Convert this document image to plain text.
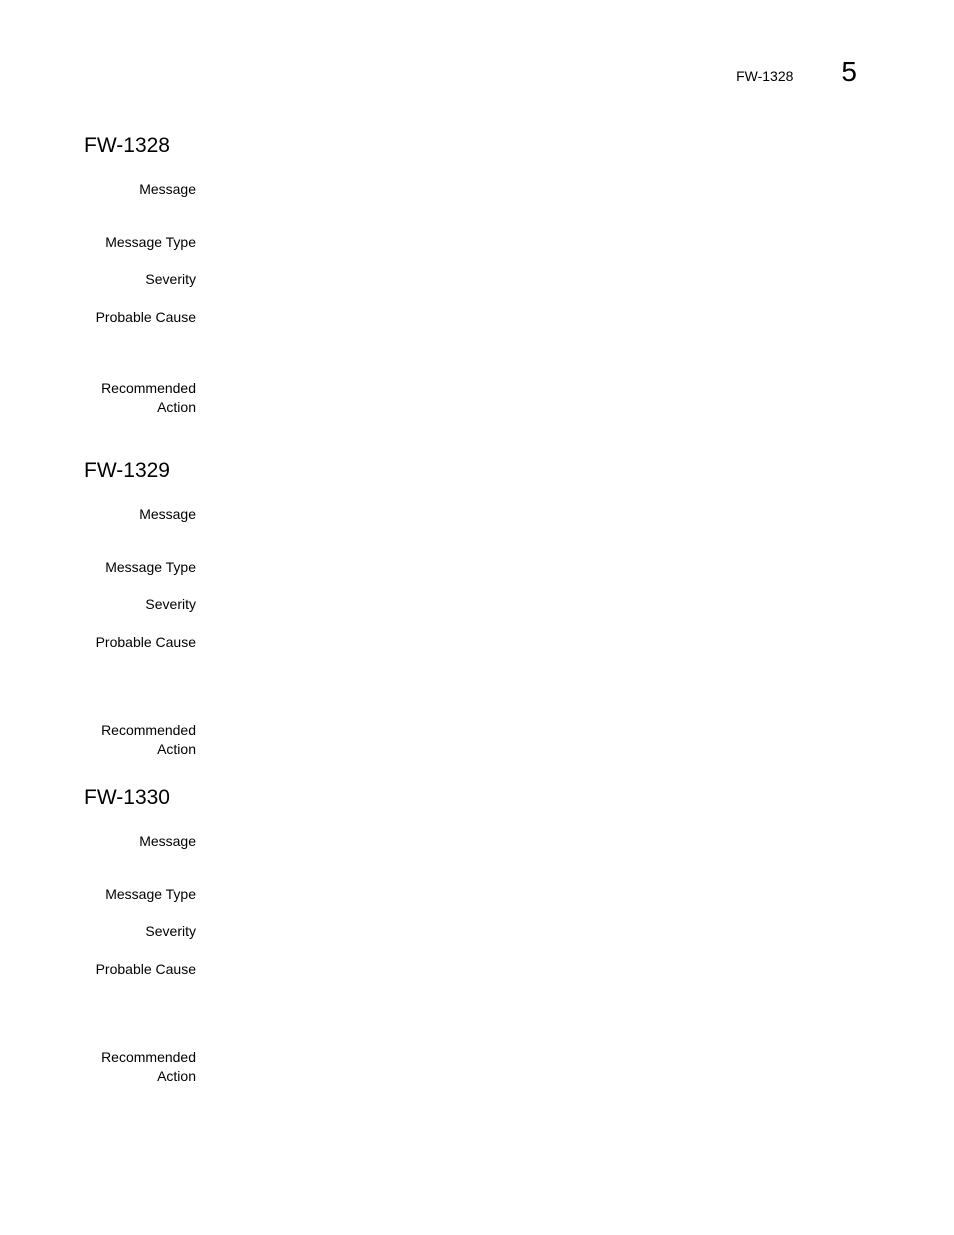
FW-1328 5
FW-1328
Message
Message Type
Severity
Probable Cause
Recommended
Action
FW-1329
Message
Message Type
Severity
Probable Cause
Recommended
Action
FW-1330
Message
Message Type
Severity
Probable Cause
Recommended
Action
